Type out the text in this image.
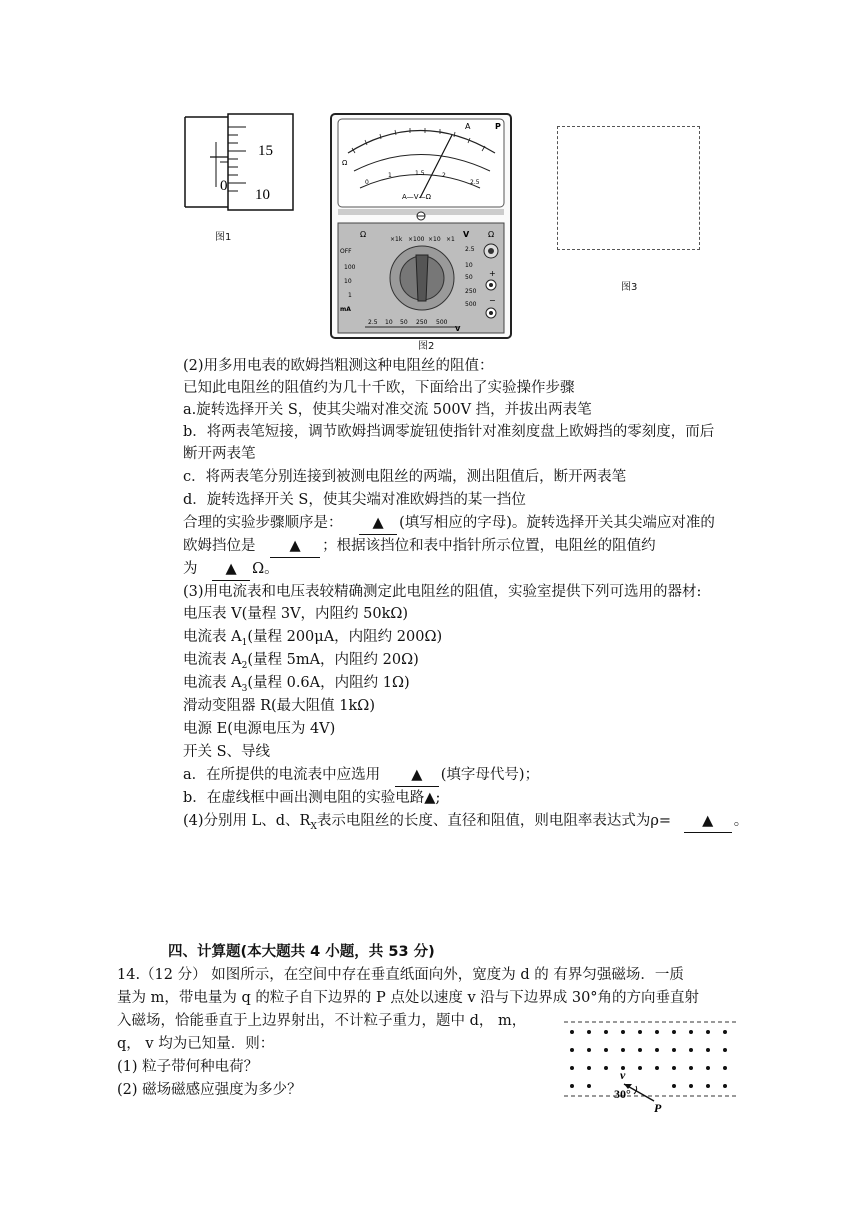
15
0
10
图1
A	P
Ω
0
1	1.5	2
2.5
A—V—Ω
Ω
×1k ×100 ×10 ×1
V
OFF
100
10
1
mA
2.5
10
50
250
500
2.5 10 50 250 500
V
Ω
+
−
图2
图3
(2)用多用电表的欧姆挡粗测这种电阻丝的阻值：
已知此电阻丝的阻值约为几十千欧，下面给出了实验操作步骤
a.旋转选择开关 S，使其尖端对准交流 500V 挡，并拔出两表笔
b．将两表笔短接，调节欧姆挡调零旋钮使指针对准刻度盘上欧姆挡的零刻度，而后
断开两表笔
c．将两表笔分别连接到被测电阻丝的两端，测出阻值后，断开两表笔
d．旋转选择开关 S，使其尖端对准欧姆挡的某一挡位
合理的实验步骤顺序是： ▲ (填写相应的字母)。旋转选择开关其尖端应对准的
欧姆挡位是 ▲ ；根据该挡位和表中指针所示位置，电阻丝的阻值约
为 ▲ Ω。
(3)用电流表和电压表较精确测定此电阻丝的阻值，实验室提供下列可选用的器材:
电压表 V(量程 3V，内阻约 50kΩ)
电流表 $A_1$(量程 200μA，内阻约 200Ω)
电流表 $A_2$(量程 5mA，内阻约 20Ω)
电流表 $A_3$(量程 0.6A，内阻约 1Ω)
滑动变阻器 R(最大阻值 1kΩ)
电源 E(电源电压为 4V)
开关 S、导线
a．在所提供的电流表中应选用 ▲ (填字母代号)；
b．在虚线框中画出测电阻的实验电路▲;
(4)分别用 L、d、$R_X$表示电阻丝的长度、直径和阻值，则电阻率表达式为ρ= ▲ 。
四、计算题(本大题共 4 小题，共 53 分)
14.（12 分） 如图所示，在空间中存在垂直纸面向外，宽度为 d 的 有界匀强磁场．一质
量为 m，带电量为 q 的粒子自下边界的 P 点处以速度 v 沿与下边界成 30°角的方向垂直射
入磁场，恰能垂直于上边界射出，不计粒子重力，题中 d， m，
q， v 均为已知量．则：
(1) 粒子带何种电荷？
(2) 磁场磁感应强度为多少？
v
30°
P
